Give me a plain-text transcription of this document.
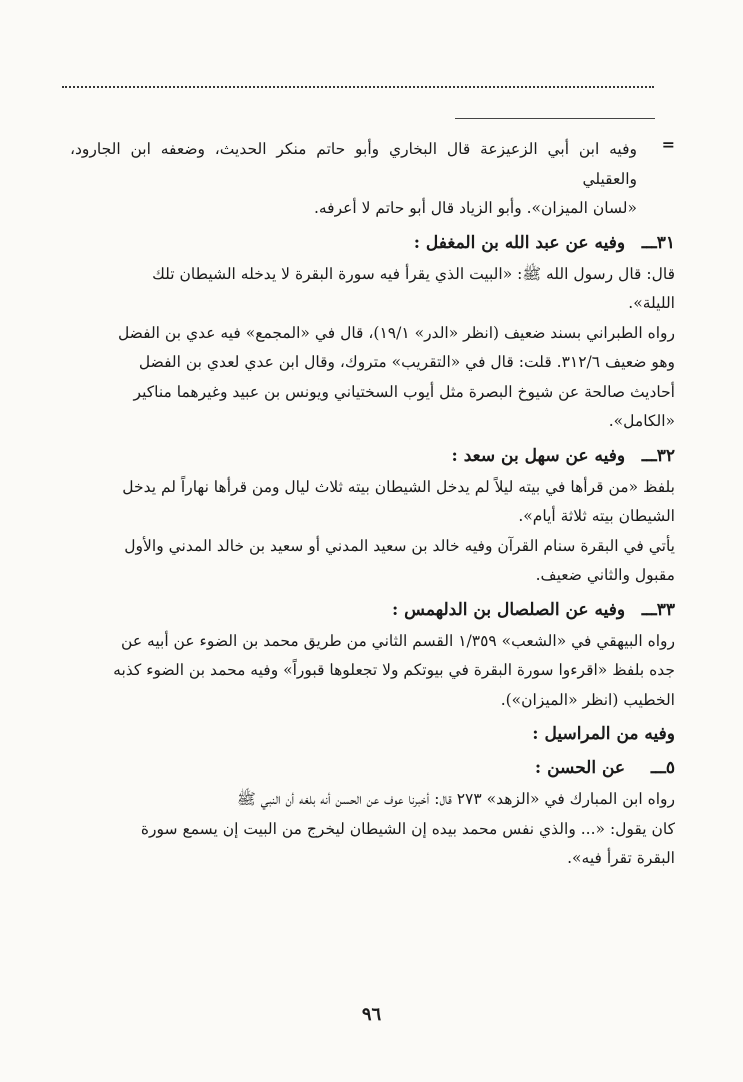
=

وفيه ابن أبي الزعيزعة قال البخاري وأبو حاتم منكر الحديث، وضعفه ابن الجارود، والعقيلي

«لسان الميزان». وأبو الزياد قال أبو حاتم لا أعرفه.

٣١ـــ وفيه عن عبد الله بن المغفل :

قال: قال رسول الله ﷺ: «البيت الذي يقرأ فيه سورة البقرة لا يدخله الشيطان تلك

الليلة».

رواه الطبراني بسند ضعيف (انظر «الدر» ١٩/١)، قال في «المجمع» فيه عدي بن الفضل

وهو ضعيف ٣١٢/٦. قلت: قال في «التقريب» متروك، وقال ابن عدي لعدي بن الفضل

أحاديث صالحة عن شيوخ البصرة مثل أيوب السختياني ويونس بن عبيد وغيرهما مناكير

«الكامل».

٣٢ـــ وفيه عن سهل بن سعد :

بلفظ «من قرأها في بيته ليلاً لم يدخل الشيطان بيته ثلاث ليال ومن قرأها نهاراً لم يدخل

الشيطان بيته ثلاثة أيام».

يأتي في البقرة سنام القرآن وفيه خالد بن سعيد المدني أو سعيد بن خالد المدني والأول

مقبول والثاني ضعيف.

٣٣ـــ وفيه عن الصلصال بن الدلهمس :

رواه البيهقي في «الشعب» ١/٣٥٩ القسم الثاني من طريق محمد بن الضوء عن أبيه عن

جده بلفظ «اقرءوا سورة البقرة في بيوتكم ولا تجعلوها قبوراً» وفيه محمد بن الضوء كذبه

الخطيب (انظر «الميزان»).

وفيه من المراسيل :
٥ـــ عن الحسن :

رواه ابن المبارك في «الزهد» ٢٧٣ قال: أخبرنا عوف عن الحسن أنه بلغه أن النبي ﷺ

كان يقول: «... والذي نفس محمد بيده إن الشيطان ليخرج من البيت إن يسمع سورة

البقرة تقرأ فيه».

٩٦
